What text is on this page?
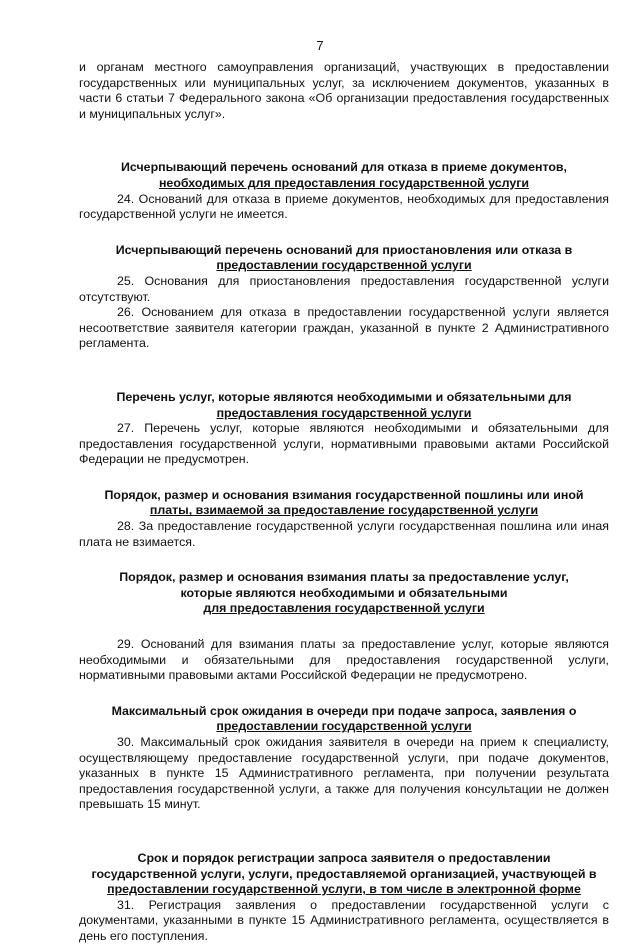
7

и органам местного самоуправления организаций, участвующих в предоставлении государственных или муниципальных услуг, за исключением документов, указанных в части 6 статьи 7 Федерального закона «Об организации предоставления государственных и муниципальных услуг».

Исчерпывающий перечень оснований для отказа в приеме документов,
необходимых для предоставления государственной услуги

24. Оснований для отказа в приеме документов, необходимых для предоставления государственной услуги не имеется.

Исчерпывающий перечень оснований для приостановления или отказа в
предоставлении государственной услуги

25. Основания для приостановления предоставления государственной услуги отсутствуют.

26. Основанием для отказа в предоставлении государственной услуги является несоответствие заявителя категории граждан, указанной в пункте 2 Административного регламента.

Перечень услуг, которые являются необходимыми и обязательными для
предоставления государственной услуги

27. Перечень услуг, которые являются необходимыми и обязательными для предоставления государственной услуги, нормативными правовыми актами Российской Федерации не предусмотрен.

Порядок, размер и основания взимания государственной пошлины или иной
платы, взимаемой за предоставление государственной услуги

28. За предоставление государственной услуги государственная пошлина или иная плата не взимается.

Порядок, размер и основания взимания платы за предоставление услуг,
которые являются необходимыми и обязательными
для предоставления государственной услуги

29. Оснований для взимания платы за предоставление услуг, которые являются необходимыми и обязательными для предоставления государственной услуги, нормативными правовыми актами Российской Федерации не предусмотрено.

Максимальный срок ожидания в очереди при подаче запроса, заявления о
предоставлении государственной услуги

30. Максимальный срок ожидания заявителя в очереди на прием к специалисту, осуществляющему предоставление государственной услуги, при подаче документов, указанных в пункте 15 Административного регламента, при получении результата предоставления государственной услуги, а также для получения консультации не должен превышать 15 минут.

Срок и порядок регистрации запроса заявителя о предоставлении
государственной услуги, услуги, предоставляемой организацией, участвующей в
предоставлении государственной услуги, в том числе в электронной форме

31. Регистрация заявления о предоставлении государственной услуги с документами, указанными в пункте 15 Административного регламента, осуществляется в день его поступления.
